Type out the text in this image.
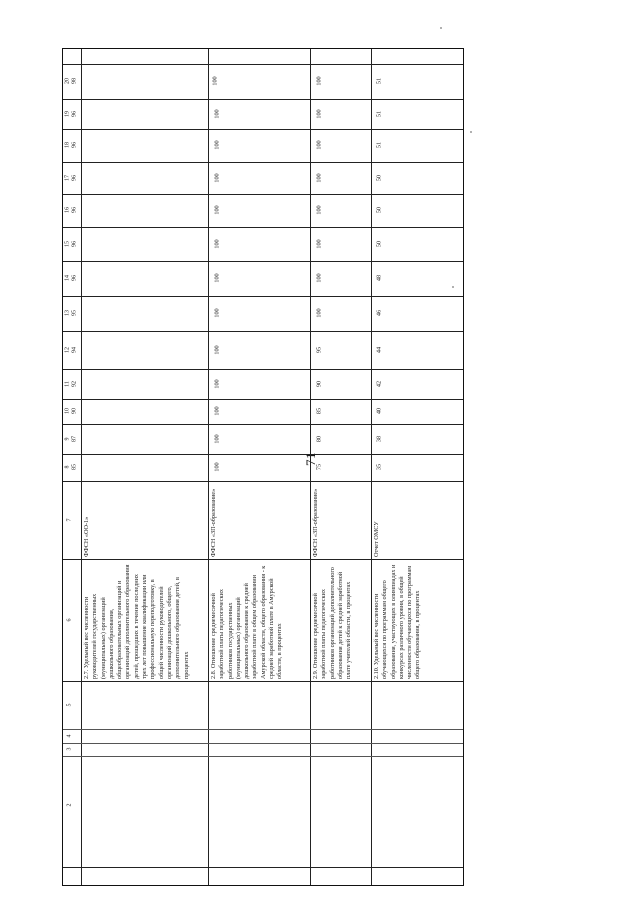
71
2
3
4
5
6
7
8 85
9 87
10 90
11 92
12 94
13 95
14 96
15 96
16 96
17 96
18 96
19 96
20 98
2.7. Удельный вес численности руководителей государственных (муниципальных) организаций дошкольного образования, общеобразовательных организаций и организаций дополнительного образования детей, прошедших в течение последних трех лет повышение квалификации или профессиональную переподготовку, в общей численности руководителей организаций дошкольного, общего, дополнительного образования детей, в процентах
ФФСН «ОО-1»
100
2.8. Отношение среднемесячной заработной платы педагогических работников государственных (муниципальных) организаций дошкольного образования к средней заработной плате в общем образовании Амурской области, общего образования - к средней заработной плате в Амурской области, в процентах
ФФСН «ЗП-образование»
100
100
100
100
100
100
100
100
100
100
100
100
2.9. Отношение среднемесячной заработной платы педагогических работников организаций дополнительного образования детей к средней заработной плате учителей области, в процентах
ФФСН «ЗП-образование»
75
80
85
90
95
100
100
100
100
100
100
100
100
2.10. Удельный вес численности обучающихся по программам общего образования, участвующих в олимпиадах и конкурсах различного уровня, в общей численности обучающихся по программам общего образования, в процентах
Отчет ОМСУ
35
38
40
42
44
46
48
50
50
50
51
51
51
